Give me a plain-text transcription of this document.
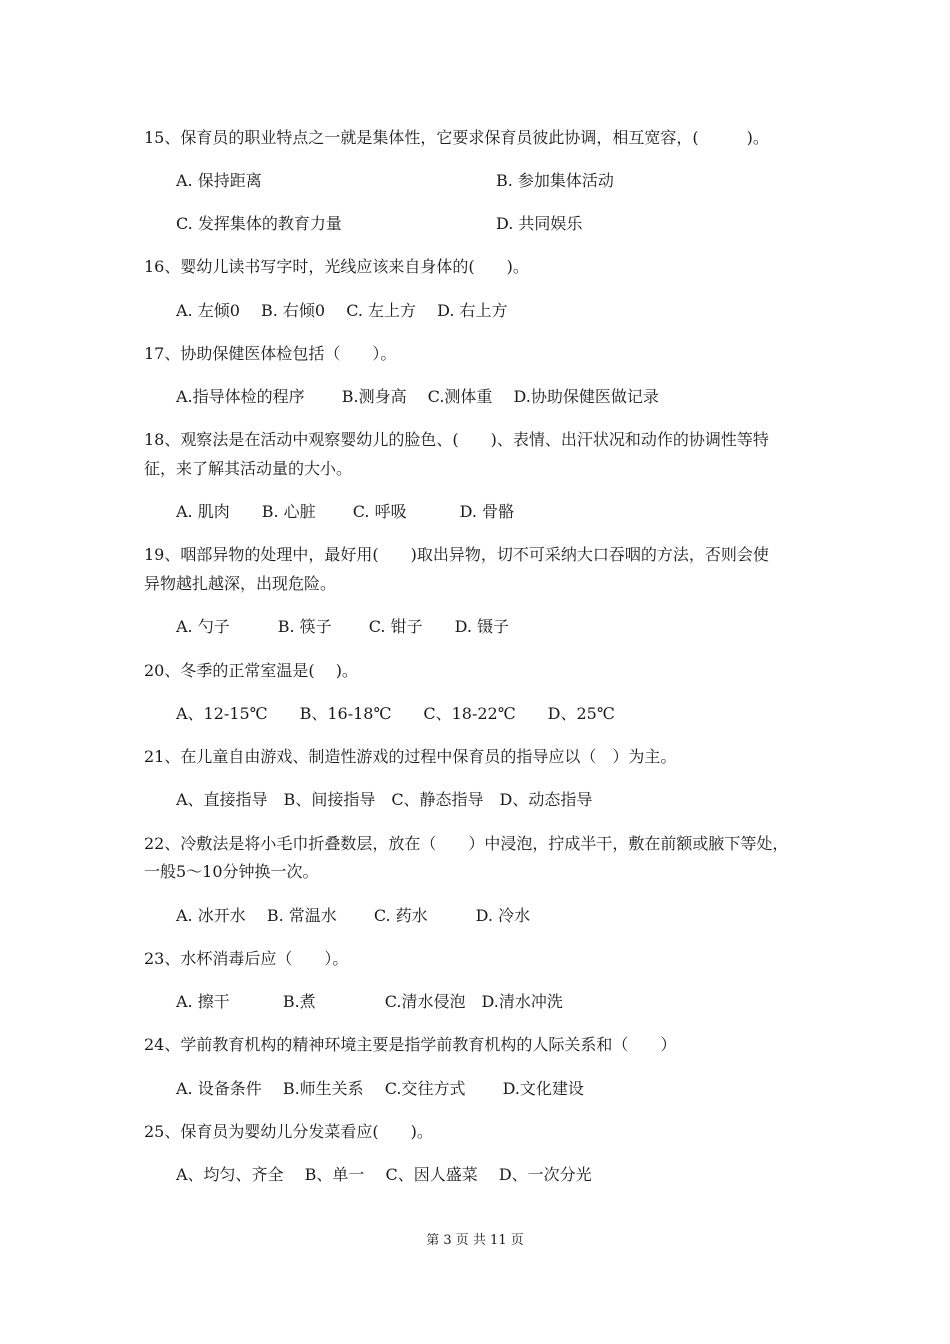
15、保育员的职业特点之一就是集体性，它要求保育员彼此协调，相互宽容，(　　　)。
A. 保持距离	B. 参加集体活动
C. 发挥集体的教育力量	D. 共同娱乐
16、婴幼儿读书写字时，光线应该来自身体的(　　)。
A. 左倾0　 B. 右倾0　 C. 左上方　 D. 右上方
17、协助保健医体检包括（　　）。
A.指导体检的程序　　 B.测身高　 C.测体重　 D.协助保健医做记录
18、观察法是在活动中观察婴幼儿的脸色、(　　)、表情、出汗状况和动作的协调性等特
征，来了解其活动量的大小。
A. 肌肉　　B. 心脏　　 C. 呼吸　　　 D. 骨骼
19、咽部异物的处理中，最好用(　　)取出异物，切不可采纳大口吞咽的方法，否则会使
异物越扎越深，出现危险。
A. 勺子　　　B. 筷子　　 C. 钳子　　D. 镊子
20、冬季的正常室温是(　 )。
A、12-15℃　　B、16-18℃　　C、18-22℃　　D、25℃
21、在儿童自由游戏、制造性游戏的过程中保育员的指导应以（　）为主。
A、直接指导　B、间接指导　C、静态指导　D、动态指导
22、冷敷法是将小毛巾折叠数层，放在（　　）中浸泡，拧成半干，敷在前额或腋下等处，
一般5～10分钟换一次。
A. 冰开水　 B. 常温水　　 C. 药水　　　D. 冷水
23、水杯消毒后应（　　）。
A. 擦干　　　 B.煮　　　　 C.清水侵泡　D.清水冲洗
24、学前教育机构的精神环境主要是指学前教育机构的人际关系和（　　）
A. 设备条件　 B.师生关系　 C.交往方式　　 D.文化建设
25、保育员为婴幼儿分发菜看应(　　)。
A、均匀、齐全　 B、单一　 C、因人盛菜　 D、一次分光
第 3 页 共 11 页
